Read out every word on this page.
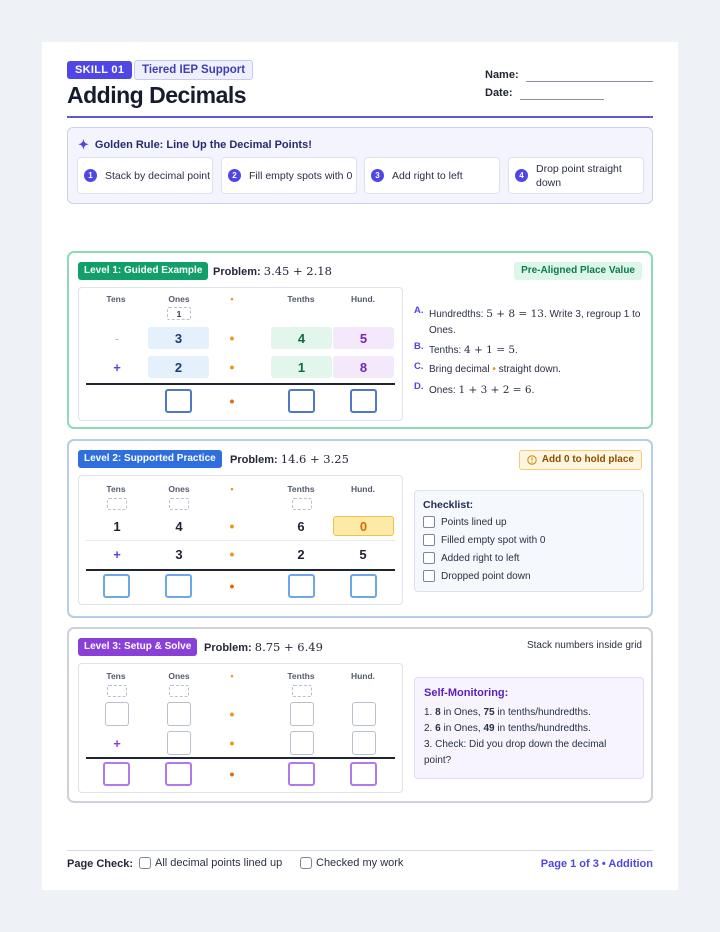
SKILL 01	Tiered IEP Support
Adding Decimals
Name:
Date:
✦ Golden Rule: Line Up the Decimal Points!
1	Stack by decimal point	2	Fill empty spots with 0	3	Add right to left	4
Drop point straight down
Level 1: Guided Example Problem: 3.45 + 2.18	Pre-Aligned Place Value
Tens	Ones	•	Tenths	Hund.
1
-	3	•	4	5
+	2	•	1	8
•
A. Hundredths: 5 + 8 = 13. Write 3, regroup 1 to Ones.
B. Tenths: 4 + 1 = 5.
C. Bring decimal • straight down.
D. Ones: 1 + 3 + 2 = 6.
Level 2: Supported Practice	Problem: 14.6 + 3.25	Add 0 to hold place
Tens	Ones	•	Tenths	Hund.
1	4	•	6	0
+	3	•	2	5
•
Checklist:
Points lined up
Filled empty spot with 0
Added right to left
Dropped point down
Level 3: Setup & Solve	Problem: 8.75 + 6.49	Stack numbers inside grid
Tens	Ones	•	Tenths	Hund.
•
+	•
•
Self-Monitoring:
1. 8 in Ones, 75 in tenths/hundredths.
2. 6 in Ones, 49 in tenths/hundredths.
3. Check: Did you drop down the decimal point?
Page Check: All decimal points lined up	Checked my work	Page 1 of 3 • Addition
